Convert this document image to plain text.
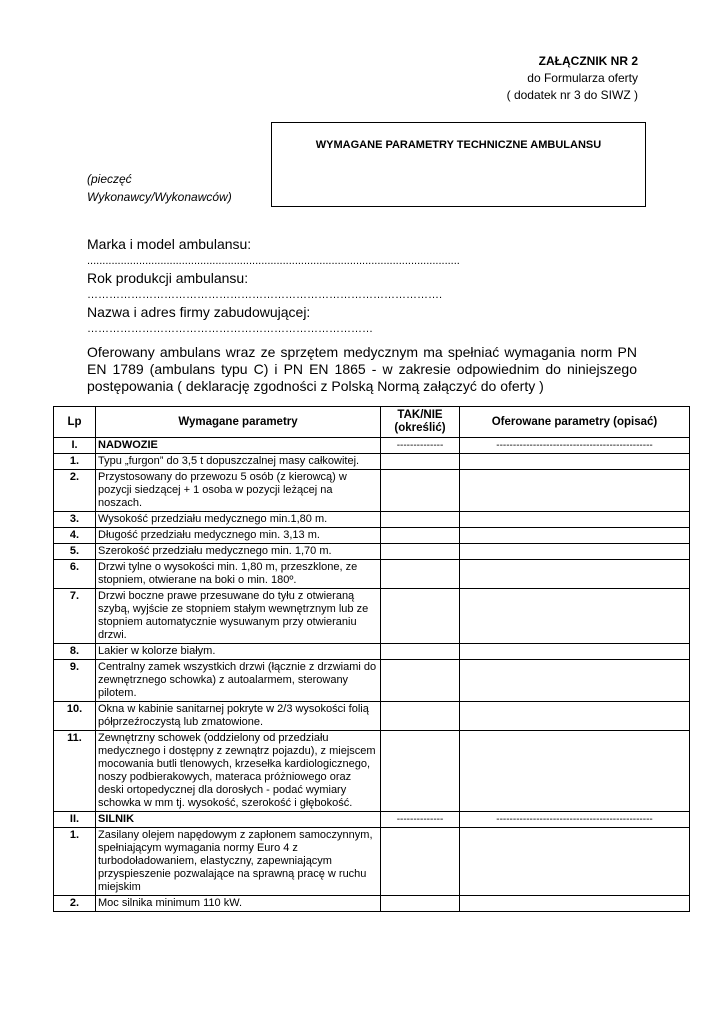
ZAŁĄCZNIK NR 2
do Formularza oferty
( dodatek nr 3 do SIWZ )
WYMAGANE PARAMETRY TECHNICZNE AMBULANSU
(pieczęć
Wykonawcy/Wykonawców)
Marka i model ambulansu:
..........................................................................................................................
Rok produkcji ambulansu:
…………………………………………………………………………………….
Nazwa i adres firmy zabudowującej:
……………………………………………………………………
Oferowany ambulans wraz ze sprzętem medycznym ma spełniać wymagania norm PN EN 1789 (ambulans typu C) i PN EN 1865 - w zakresie odpowiednim do niniejszego postępowania ( deklarację zgodności z Polską Normą załączyć do oferty )
Lp	Wymagane parametry	TAK/NIE (określić)	Oferowane parametry (opisać)
I.	NADWOZIE	--------------	-----------------------------------------------
1.	Typu „furgon” do 3,5 t dopuszczalnej masy całkowitej.		
2.	Przystosowany do przewozu 5 osób (z kierowcą) w pozycji siedzącej + 1 osoba w pozycji leżącej na noszach.		
3.	Wysokość przedziału medycznego min.1,80 m.		
4.	Długość przedziału medycznego min. 3,13 m.		
5.	Szerokość przedziału medycznego min. 1,70 m.		
6.	Drzwi tylne o wysokości min. 1,80 m, przeszklone, ze stopniem, otwierane na boki o min. 180º.		
7.	Drzwi boczne prawe przesuwane do tyłu z otwieraną szybą, wyjście ze stopniem stałym wewnętrznym lub ze stopniem automatycznie wysuwanym przy otwieraniu drzwi.		
8.	Lakier w kolorze białym.		
9.	Centralny zamek wszystkich drzwi (łącznie z drzwiami do zewnętrznego schowka) z autoalarmem, sterowany pilotem.		
10.	Okna w kabinie sanitarnej pokryte w 2/3 wysokości folią półprzeźroczystą lub zmatowione.		
11.	Zewnętrzny schowek (oddzielony od przedziału medycznego i dostępny z zewnątrz pojazdu), z miejscem mocowania butli tlenowych, krzesełka kardiologicznego, noszy podbierakowych, materaca próżniowego oraz deski ortopedycznej dla dorosłych - podać wymiary schowka w mm tj. wysokość, szerokość i głębokość.		
II.	SILNIK	--------------	-----------------------------------------------
1.	Zasilany olejem napędowym z zapłonem samoczynnym, spełniającym wymagania normy Euro 4 z turbodoładowaniem, elastyczny, zapewniającym przyspieszenie pozwalające na sprawną pracę w ruchu miejskim		
2.	Moc silnika minimum 110 kW.		
